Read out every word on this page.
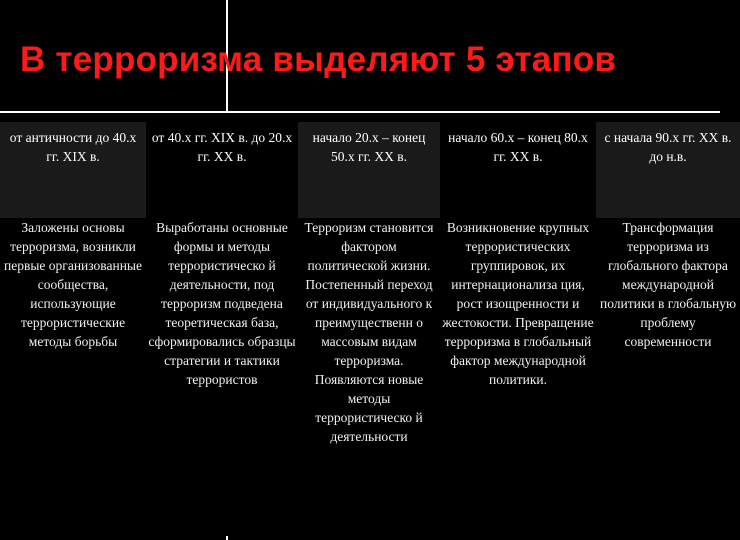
В терроризма выделяют 5 этапов
от античности до 40.х гг. XIX в.	от 40.х гг. XIX в. до 20.х гг. XX в.	начало 20.х – конец 50.х гг. XX в.	начало 60.х – конец 80.х гг. XX в.	с начала 90.х гг. XX в. до н.в.

Заложены основы терроризма, возникли первые организованные сообщества, использующие террористические методы борьбы	Выработаны основные формы и методы террористическо й деятельности, под терроризм подведена теоретическая база, сформировались образцы стратегии и тактики террористов	Терроризм становится фактором политической жизни. Постепенный переход от индивидуального к преимущественн о массовым видам терроризма. Появляются новые методы террористическо й деятельности	Возникновение крупных террористических группировок, их интернационализа ция, рост изощренности и жестокости. Превращение терроризма в глобальный фактор международной политики.	Трансформация терроризма из глобального фактора международной политики в глобальную проблему современности
